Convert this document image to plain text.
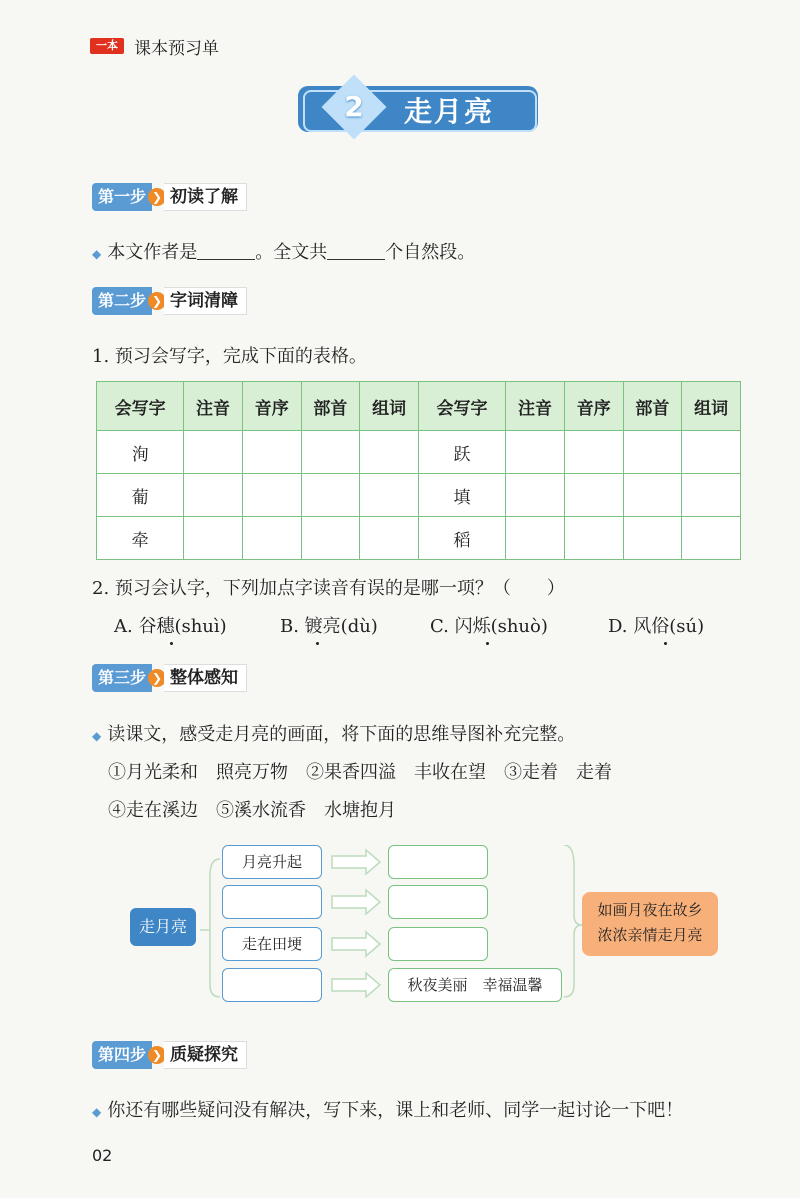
一本 课本预习单
2	走月亮
第一步 ❯ 初读了解
◆ 本文作者是	。全文共	个自然段。
第二步 ❯ 字词清障
1. 预习会写字，完成下面的表格。
会写字	注音	音序	部首	组词	会写字	注音	音序	部首	组词
洵					跃				
葡					填				
牵					稻				
2. 预习会认字，下列加点字读音有误的是哪一项？（　　）
A. 谷穗(shuì)	B. 镀亮(dù)	C. 闪烁(shuò)	D. 风俗(sú)
第三步 ❯ 整体感知
◆ 读课文，感受走月亮的画面，将下面的思维导图补充完整。
①月光柔和　照亮万物　②果香四溢　丰收在望　③走着　走着
④走在溪边　⑤溪水流香　水塘抱月
走月亮
月亮升起
走在田埂
秋夜美丽　幸福温馨
如画月夜在故乡
浓浓亲情走月亮
第四步 ❯ 质疑探究
◆ 你还有哪些疑问没有解决，写下来，课上和老师、同学一起讨论一下吧！
02
